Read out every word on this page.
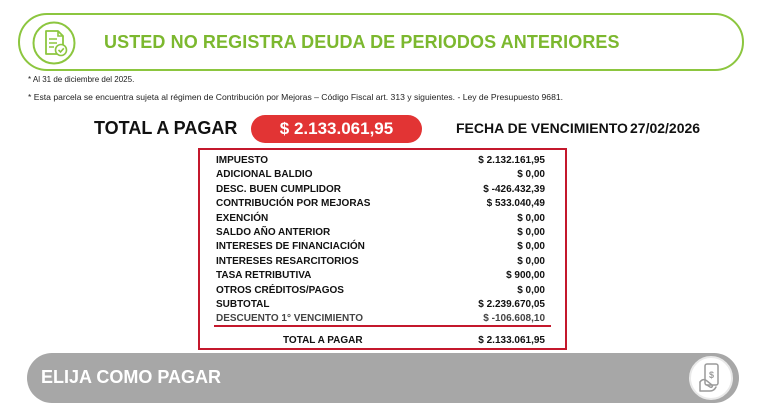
USTED NO REGISTRA DEUDA DE PERIODOS ANTERIORES
* Al 31 de diciembre del 2025.
* Esta parcela se encuentra sujeta al régimen de Contribución por Mejoras – Código Fiscal art. 313 y siguientes. - Ley de Presupuesto 9681.
TOTAL A PAGAR	$ 2.133.061,95	FECHA DE VENCIMIENTO 27/02/2026
IMPUESTO	$ 2.132.161,95
ADICIONAL BALDIO	$ 0,00
DESC. BUEN CUMPLIDOR	$ -426.432,39
CONTRIBUCIÓN POR MEJORAS	$ 533.040,49
EXENCIÓN	$ 0,00
SALDO AÑO ANTERIOR	$ 0,00
INTERESES DE FINANCIACIÓN	$ 0,00
INTERESES RESARCITORIOS	$ 0,00
TASA RETRIBUTIVA	$ 900,00
OTROS CRÉDITOS/PAGOS	$ 0,00
SUBTOTAL	$ 2.239.670,05
DESCUENTO 1° VENCIMIENTO	$ -106.608,10
TOTAL A PAGAR	$ 2.133.061,95
ELIJA COMO PAGAR	$
